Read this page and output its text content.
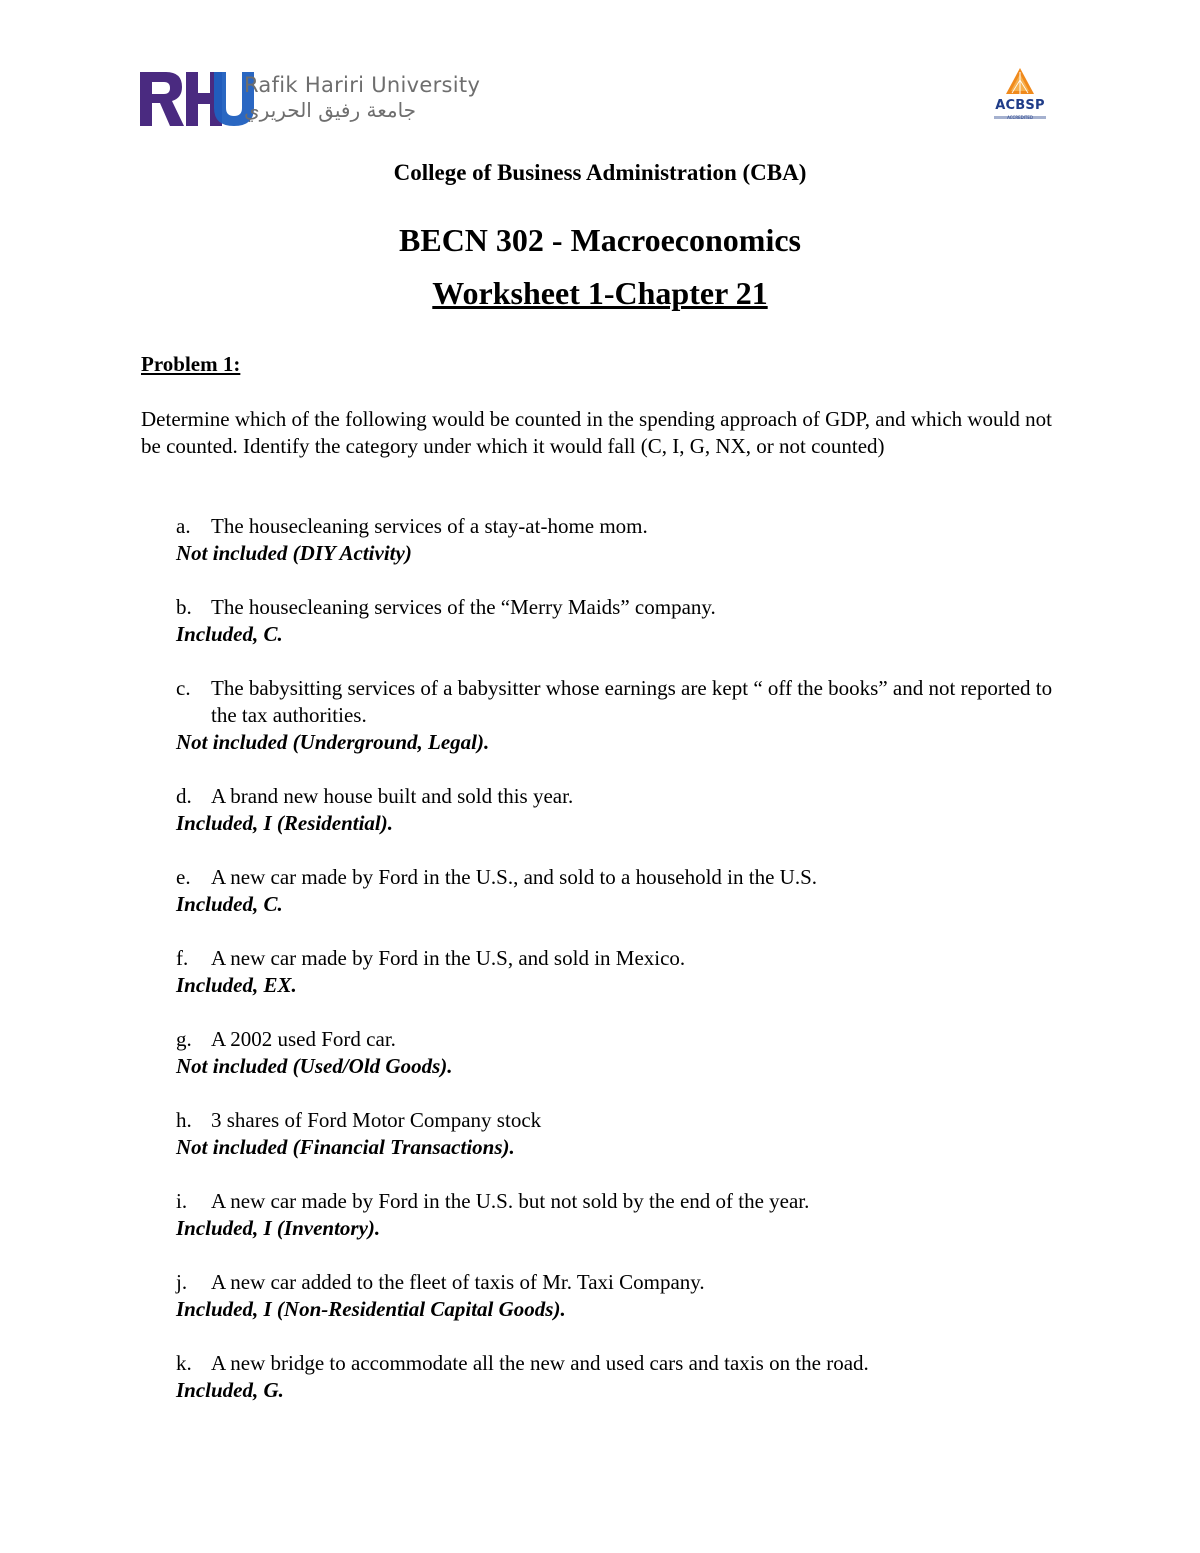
Rafik Hariri University
جامعة رفيق الحريري	ACBSP
ACCREDITED
College of Business Administration (CBA)
BECN 302 - Macroeconomics
Worksheet 1-Chapter 21
Problem 1:
Determine which of the following would be counted in the spending approach of GDP, and which would not be counted. Identify the category under which it would fall (C, I, G, NX, or not counted)
a. The housecleaning services of a stay-at-home mom.
Not included (DIY Activity)
b. The housecleaning services of the “Merry Maids” company.
Included, C.
c. The babysitting services of a babysitter whose earnings are kept “ off the books” and not reported to the tax authorities.
Not included (Underground, Legal).
d. A brand new house built and sold this year.
Included, I (Residential).
e. A new car made by Ford in the U.S., and sold to a household in the U.S.
Included, C.
f.	A new car made by Ford in the U.S, and sold in Mexico.
Included, EX.
g. A 2002 used Ford car.
Not included (Used/Old Goods).
h. 3 shares of Ford Motor Company stock
Not included (Financial Transactions).
i.	A new car made by Ford in the U.S. but not sold by the end of the year.
Included, I (Inventory).
j.	A new car added to the fleet of taxis of Mr. Taxi Company.
Included, I (Non-Residential Capital Goods).
k. A new bridge to accommodate all the new and used cars and taxis on the road.
Included, G.
